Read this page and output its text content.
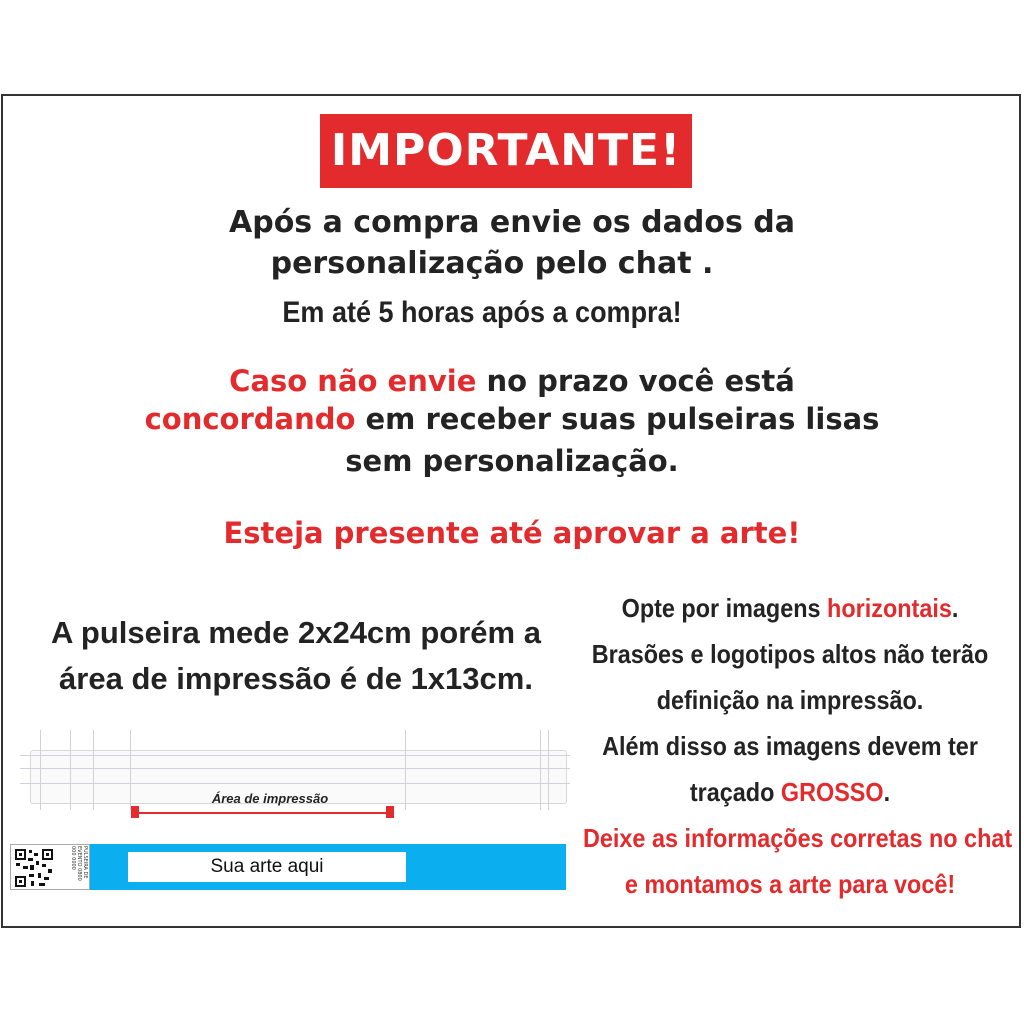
IMPORTANTE!
Após a compra envie os dados da
personalização pelo chat .
Em até 5 horas após a compra!
Caso não envie no prazo você está
concordando em receber suas pulseiras lisas
sem personalização.
Esteja presente até aprovar a arte!
A pulseira mede 2x24cm porém a
área de impressão é de 1x13cm.
Opte por imagens horizontais.
Brasões e logotipos altos não terão
definição na impressão.
Além disso as imagens devem ter
traçado GROSSO.
Deixe as informações corretas no chat
e montamos a arte para você!
Área de impressão
PULSEIRA DE EVENTO 0800 000 0000	Sua arte aqui
